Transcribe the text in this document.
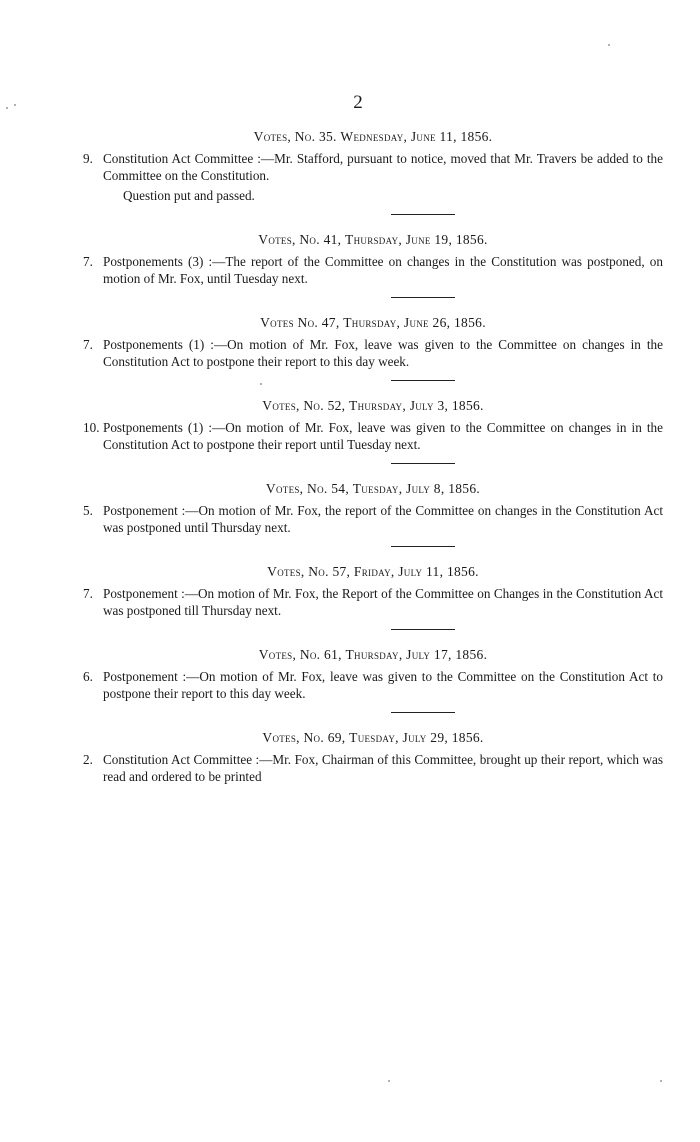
2

Votes, No. 35. Wednesday, June 11, 1856.

9. Constitution Act Committee :—Mr. Stafford, pursuant to notice, moved that Mr. Travers be added to the Committee on the Constitution.

Question put and passed.

Votes, No. 41, Thursday, June 19, 1856.

7. Postponements (3) :—The report of the Committee on changes in the Constitution was postponed, on motion of Mr. Fox, until Tuesday next.

Votes No. 47, Thursday, June 26, 1856.

7. Postponements (1) :—On motion of Mr. Fox, leave was given to the Committee on changes in the Constitution Act to postpone their report to this day week.

Votes, No. 52, Thursday, July 3, 1856.

10. Postponements (1) :—On motion of Mr. Fox, leave was given to the Committee on changes in in the Constitution Act to postpone their report until Tuesday next.

Votes, No. 54, Tuesday, July 8, 1856.

5. Postponement :—On motion of Mr. Fox, the report of the Committee on changes in the Constitution Act was postponed until Thursday next.

Votes, No. 57, Friday, July 11, 1856.

7. Postponement :—On motion of Mr. Fox, the Report of the Committee on Changes in the Constitution Act was postponed till Thursday next.

Votes, No. 61, Thursday, July 17, 1856.

6. Postponement :—On motion of Mr. Fox, leave was given to the Committee on the Constitution Act to postpone their report to this day week.

Votes, No. 69, Tuesday, July 29, 1856.

2. Constitution Act Committee :—Mr. Fox, Chairman of this Committee, brought up their report, which was read and ordered to be printed
